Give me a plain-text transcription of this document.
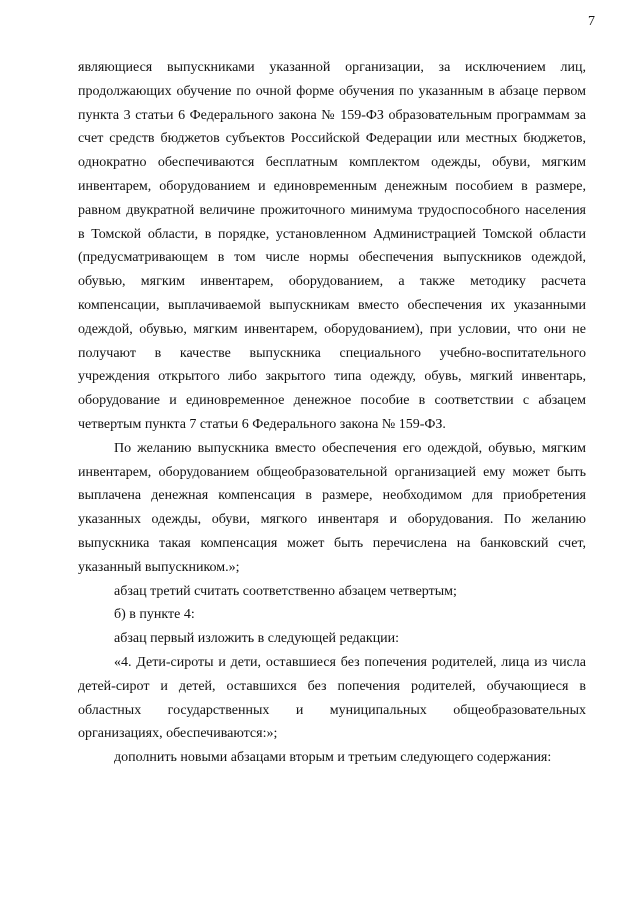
7
являющиеся выпускниками указанной организации, за исключением лиц,
продолжающих обучение по очной форме обучения по указанным в абзаце первом
пункта 3 статьи 6 Федерального закона № 159-ФЗ образовательным программам за
счет средств бюджетов субъектов Российской Федерации или местных бюджетов,
однократно обеспечиваются бесплатным комплектом одежды, обуви, мягким
инвентарем, оборудованием и единовременным денежным пособием в размере,
равном двукратной величине прожиточного минимума трудоспособного населения
в Томской области, в порядке, установленном Администрацией Томской области
(предусматривающем в том числе нормы обеспечения выпускников одеждой,
обувью, мягким инвентарем, оборудованием, а также методику расчета
компенсации, выплачиваемой выпускникам вместо обеспечения их указанными
одеждой, обувью, мягким инвентарем, оборудованием), при условии, что они не
получают в качестве выпускника специального учебно-воспитательного
учреждения открытого либо закрытого типа одежду, обувь, мягкий инвентарь,
оборудование и единовременное денежное пособие в соответствии с абзацем
четвертым пункта 7 статьи 6 Федерального закона № 159-ФЗ.
По желанию выпускника вместо обеспечения его одеждой, обувью, мягким
инвентарем, оборудованием общеобразовательной организацией ему может быть
выплачена денежная компенсация в размере, необходимом для приобретения
указанных одежды, обуви, мягкого инвентаря и оборудования. По желанию
выпускника такая компенсация может быть перечислена на банковский счет,
указанный выпускником.»;
абзац третий считать соответственно абзацем четвертым;
б) в пункте 4:
абзац первый изложить в следующей редакции:
«4. Дети-сироты и дети, оставшиеся без попечения родителей, лица из числа
детей-сирот и детей, оставшихся без попечения родителей, обучающиеся в
областных государственных и муниципальных общеобразовательных
организациях, обеспечиваются:»;
дополнить новыми абзацами вторым и третьим следующего содержания:
